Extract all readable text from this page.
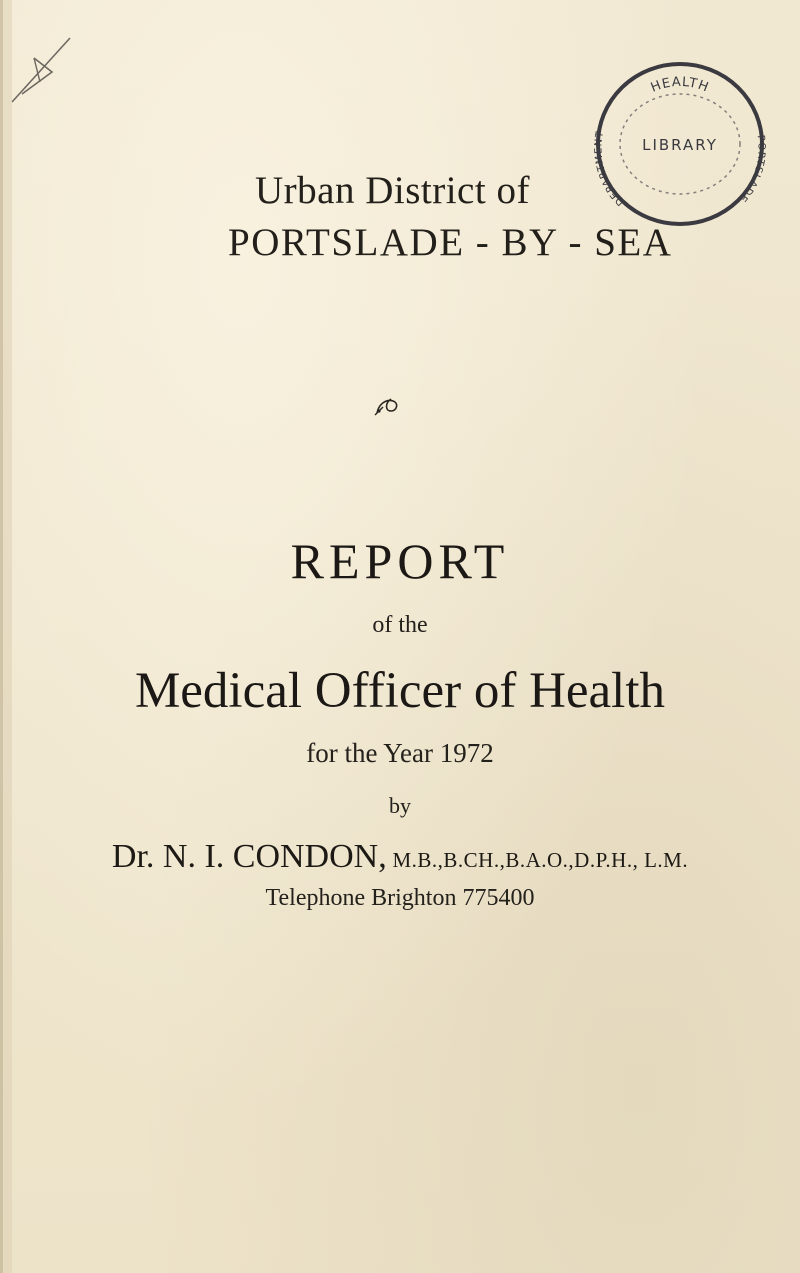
Urban District of
PORTSLADE - BY - SEA
HEALTH
DEPARTMENT	PORTSLADE
LIBRARY
REPORT
of the
Medical Officer of Health
for the Year 1972
by
Dr. N. I. CONDON, M.B.,B.CH.,B.A.O.,D.P.H., L.M.
Telephone Brighton 775400
